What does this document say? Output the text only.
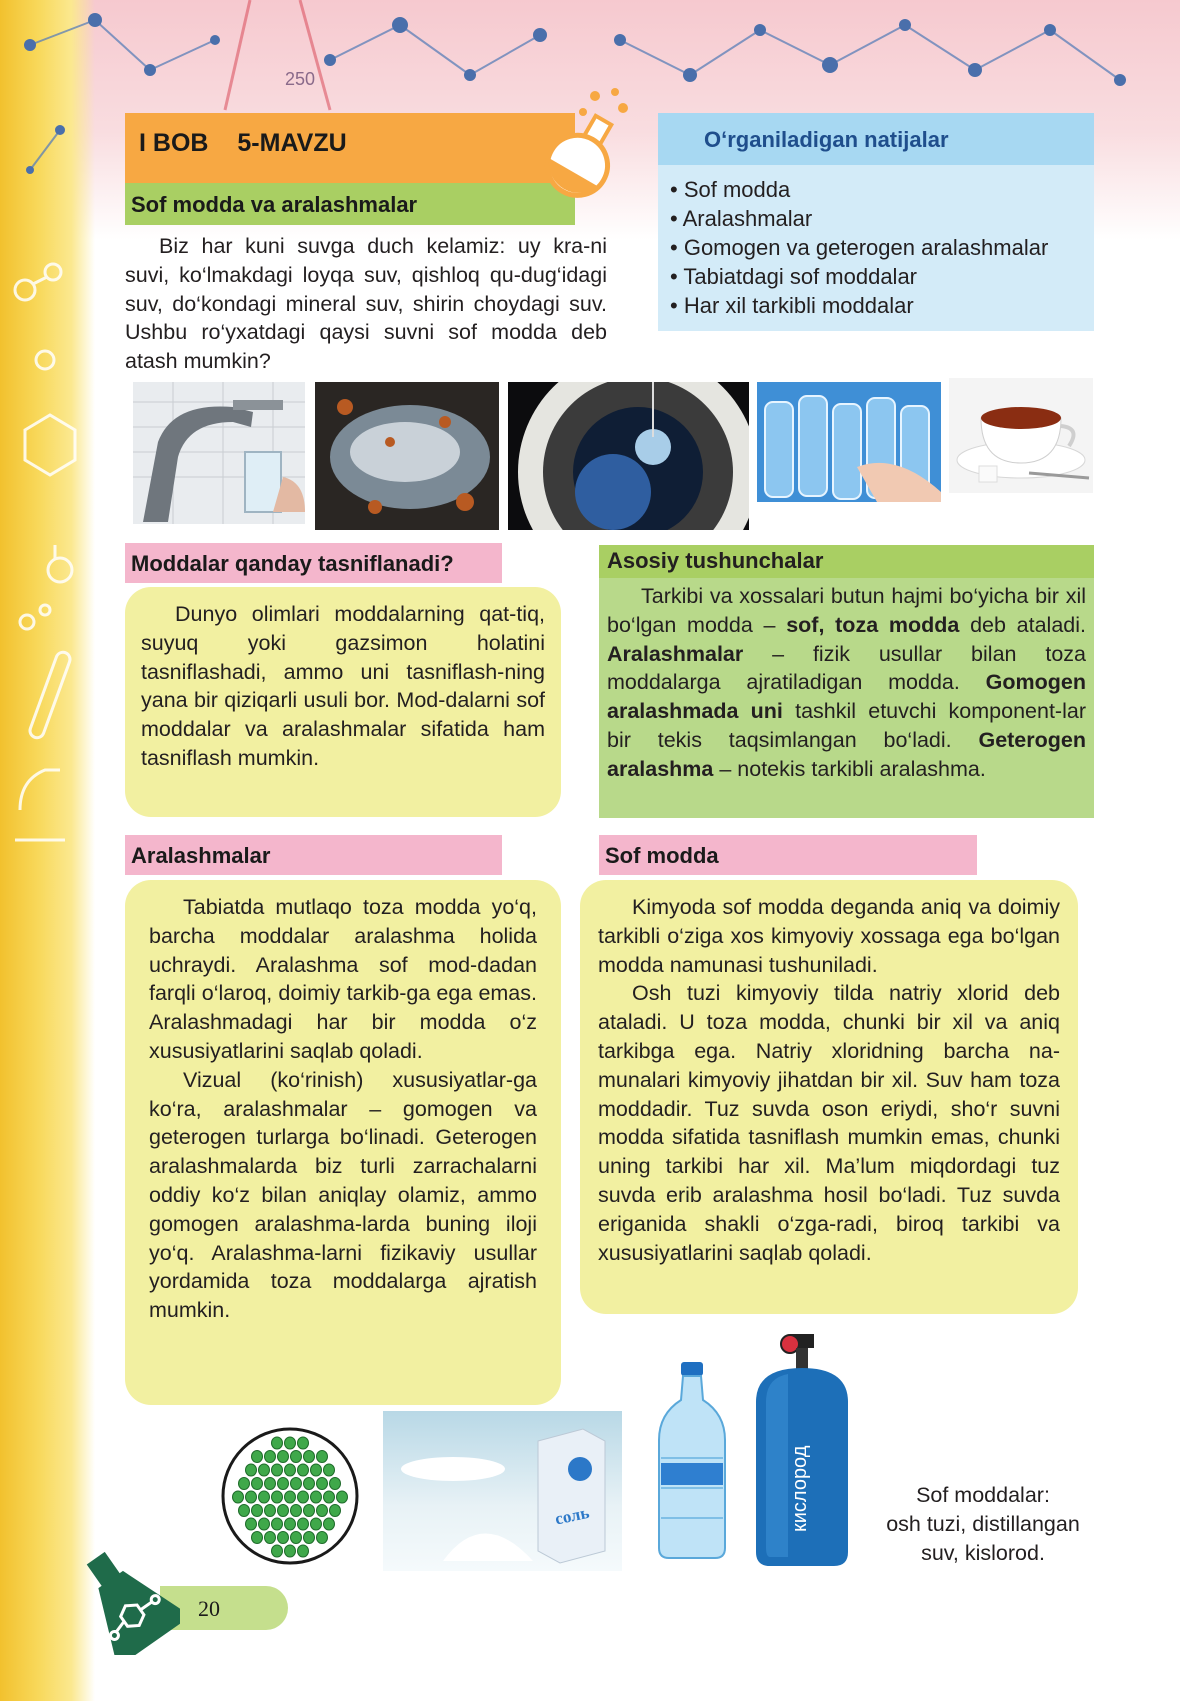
250
I BOB 5-MAVZU
Sof modda va aralashmalar

Biz har kuni suvga duch kelamiz: uy kra-ni suvi, ko‘lmakdagi loyqa suv, qishloq qu-dug‘idagi suv, do‘kondagi mineral suv, shirin choydagi suv. Ushbu ro‘yxatdagi qaysi suvni sof modda deb atash mumkin?

O‘rganiladigan natijalar
• Sof modda
• Aralashmalar
• Gomogen va geterogen aralashmalar
• Tabiatdagi sof moddalar
• Har xil tarkibli moddalar
Moddalar qanday tasniflanadi?

Dunyo olimlari moddalarning qat-tiq, suyuq yoki gazsimon holatini tasniflashadi, ammo uni tasniflash-ning yana bir qiziqarli usuli bor. Mod-dalarni sof moddalar va aralashmalar sifatida ham tasniflash mumkin.

Asosiy tushunchalar

Tarkibi va xossalari butun hajmi bo‘yicha bir xil bo‘lgan modda – sof, toza modda deb ataladi. Aralashmalar – fizik usullar bilan toza moddalarga ajratiladigan modda. Gomogen aralashmada uni tashkil etuvchi komponent-lar bir tekis taqsimlangan bo‘ladi. Geterogen aralashma – notekis tarkibli aralashma.

Aralashmalar

Tabiatda mutlaqo toza modda yo‘q, barcha moddalar aralashma holida uchraydi. Aralashma sof mod-dadan farqli o‘laroq, doimiy tarkib-ga ega emas. Aralashmadagi har bir modda o‘z xususiyatlarini saqlab qoladi.

Vizual (ko‘rinish) xususiyatlar-ga ko‘ra, aralashmalar – gomogen va geterogen turlarga bo‘linadi. Geterogen aralashmalarda biz turli zarrachalarni oddiy ko‘z bilan aniqlay olamiz, ammo gomogen aralashma-larda buning iloji yo‘q. Aralashma-larni fizikaviy usullar yordamida toza moddalarga ajratish mumkin.

Sof modda

Kimyoda sof modda deganda aniq va doimiy tarkibli o‘ziga xos kimyoviy xossaga ega bo‘lgan modda namunasi tushuniladi.

Osh tuzi kimyoviy tilda natriy xlorid deb ataladi. U toza modda, chunki bir xil va aniq tarkibga ega. Natriy xloridning barcha na-munalari kimyoviy jihatdan bir xil. Suv ham toza moddadir. Tuz suvda oson eriydi, sho‘r suvni modda sifatida tasniflash mumkin emas, chunki uning tarkibi har xil. Ma’lum miqdordagi tuz suvda erib aralashma hosil bo‘ladi. Tuz suvda eriganida shakli o‘zga-radi, biroq tarkibi va xususiyatlarini saqlab qoladi.

соль	кислород	Sof moddalar:
osh tuzi, distillangan
suv, kislorod.
20
